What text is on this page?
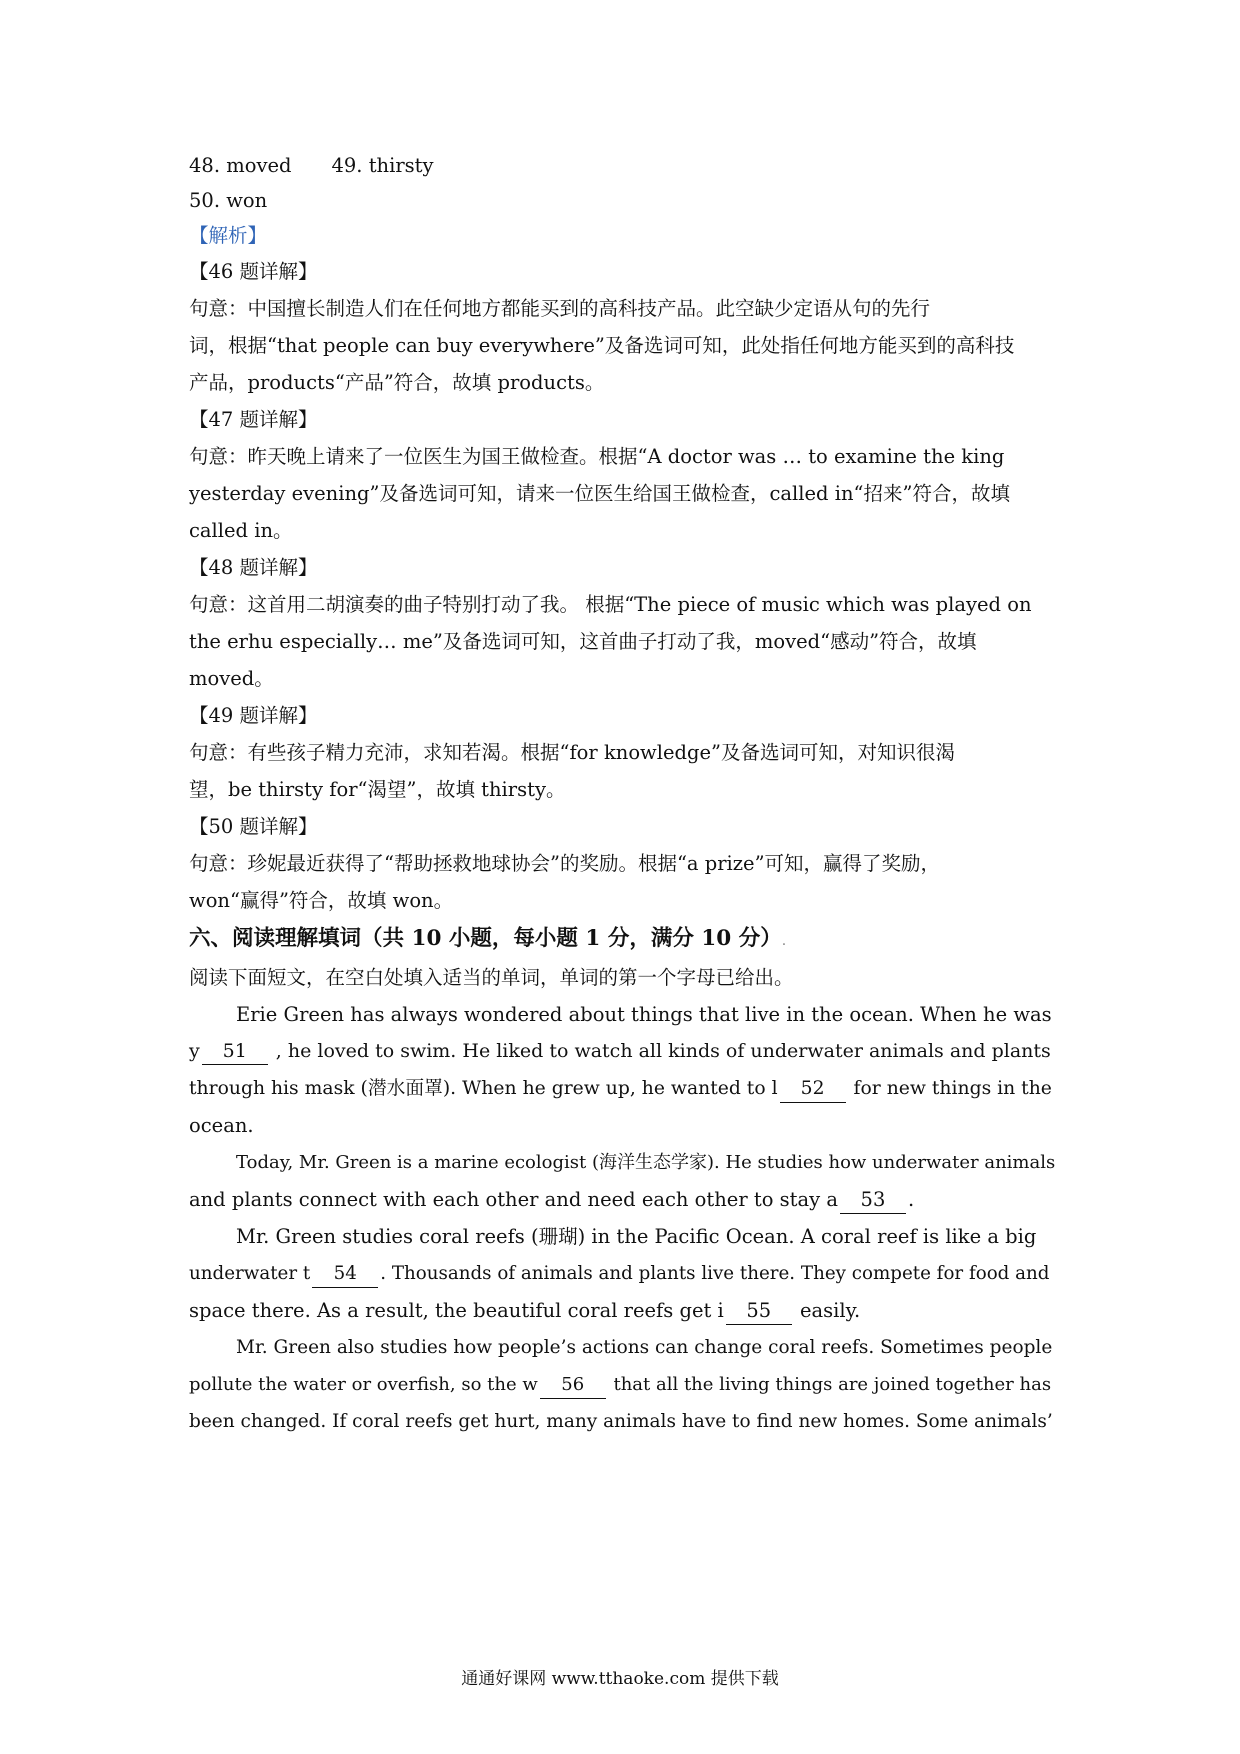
48. moved 49. thirsty
50. won
【解析】
【46 题详解】
句意：中国擅长制造人们在任何地方都能买到的高科技产品。此空缺少定语从句的先行
词，根据“that people can buy everywhere”及备选词可知，此处指任何地方能买到的高科技
产品，products“产品”符合，故填 products。
【47 题详解】
句意：昨天晚上请来了一位医生为国王做检查。根据“A doctor was … to examine the king
yesterday evening”及备选词可知，请来一位医生给国王做检查，called in“招来”符合，故填
called in。
【48 题详解】
句意：这首用二胡演奏的曲子特别打动了我。 根据“The piece of music which was played on
the erhu especially… me”及备选词可知，这首曲子打动了我，moved“感动”符合，故填
moved。
【49 题详解】
句意：有些孩子精力充沛，求知若渴。根据“for knowledge”及备选词可知，对知识很渴
望，be thirsty for“渴望”，故填 thirsty。
【50 题详解】
句意：珍妮最近获得了“帮助拯救地球协会”的奖励。根据“a prize”可知，赢得了奖励，
won“赢得”符合，故填 won。
六、阅读理解填词（共 10 小题，每小题 1 分，满分 10 分）.
阅读下面短文，在空白处填入适当的单词，单词的第一个字母已给出。
Erie Green has always wondered about things that live in the ocean. When he was
y 51 , he loved to swim. He liked to watch all kinds of underwater animals and plants
through his mask (潜水面罩). When he grew up, he wanted to l 52 for new things in the
ocean.
Today, Mr. Green is a marine ecologist (海洋生态学家). He studies how underwater animals
and plants connect with each other and need each other to stay a 53 .
Mr. Green studies coral reefs (珊瑚) in the Pacific Ocean. A coral reef is like a big
underwater t 54 . Thousands of animals and plants live there. They compete for food and
space there. As a result, the beautiful coral reefs get i 55 easily.
Mr. Green also studies how people’s actions can change coral reefs. Sometimes people
pollute the water or overfish, so the w 56 that all the living things are joined together has
been changed. If coral reefs get hurt, many animals have to find new homes. Some animals’
通通好课网 www.tthaoke.com 提供下载
